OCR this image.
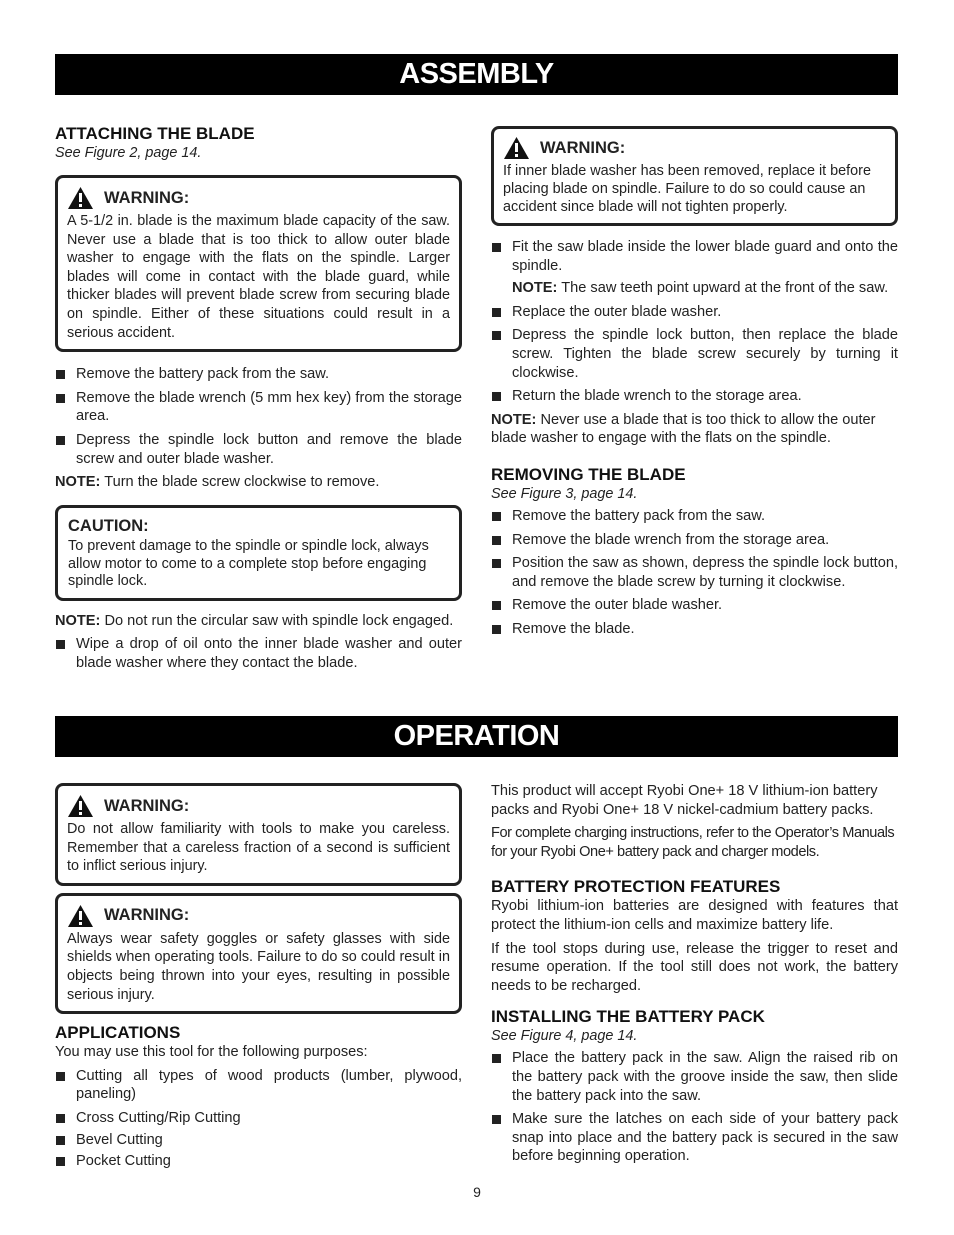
ASSEMBLY
ATTACHING THE BLADE
See Figure 2, page 14.
WARNING:
A 5-1/2 in. blade is the maximum blade capacity of the saw. Never use a blade that is too thick to allow outer blade washer to engage with the flats on the spindle. Larger blades will come in contact with the blade guard, while thicker blades will prevent blade screw from securing blade on spindle. Either of these situations could result in a serious accident.
Remove the battery pack from the saw.
Remove the blade wrench (5 mm hex key) from the storage area.
Depress the spindle lock button and remove the blade screw and outer blade washer.

NOTE: Turn the blade screw clockwise to remove.

CAUTION:
To prevent damage to the spindle or spindle lock, always allow motor to come to a complete stop before engaging spindle lock.

NOTE: Do not run the circular saw with spindle lock engaged.

Wipe a drop of oil onto the inner blade washer and outer blade washer where they contact the blade.
WARNING:
If inner blade washer has been removed, replace it before placing blade on spindle. Failure to do so could cause an accident since blade will not tighten properly.
Fit the saw blade inside the lower blade guard and onto the spindle.
NOTE: The saw teeth point upward at the front of the saw.
Replace the outer blade washer.
Depress the spindle lock button, then replace the blade screw. Tighten the blade screw securely by turning it clockwise.
Return the blade wrench to the storage area.

NOTE: Never use a blade that is too thick to allow the outer blade washer to engage with the flats on the spindle.

REMOVING THE BLADE
See Figure 3, page 14.
Remove the battery pack from the saw.
Remove the blade wrench from the storage area.
Position the saw as shown, depress the spindle lock button, and remove the blade screw by turning it clockwise.
Remove the outer blade washer.
Remove the blade.
OPERATION
WARNING:
Do not allow familiarity with tools to make you careless. Remember that a careless fraction of a second is sufficient to inflict serious injury.
WARNING:
Always wear safety goggles or safety glasses with side shields when operating tools. Failure to do so could result in objects being thrown into your eyes, resulting in possible serious injury.
APPLICATIONS

You may use this tool for the following purposes:

Cutting all types of wood products (lumber, plywood, paneling)
Cross Cutting/Rip Cutting
Bevel Cutting
Pocket Cutting

This product will accept Ryobi One+ 18 V lithium-ion battery packs and Ryobi One+ 18 V nickel-cadmium battery packs.

For complete charging instructions, refer to the Operator’s Manuals for your Ryobi One+ battery pack and charger models.

BATTERY PROTECTION FEATURES

Ryobi lithium-ion batteries are designed with features that protect the lithium-ion cells and maximize battery life.

If the tool stops during use, release the trigger to reset and resume operation. If the tool still does not work, the battery needs to be recharged.

INSTALLING THE BATTERY PACK
See Figure 4, page 14.
Place the battery pack in the saw. Align the raised rib on the battery pack with the groove inside the saw, then slide the battery pack into the saw.
Make sure the latches on each side of your battery pack snap into place and the battery pack is secured in the saw before beginning operation.
9
